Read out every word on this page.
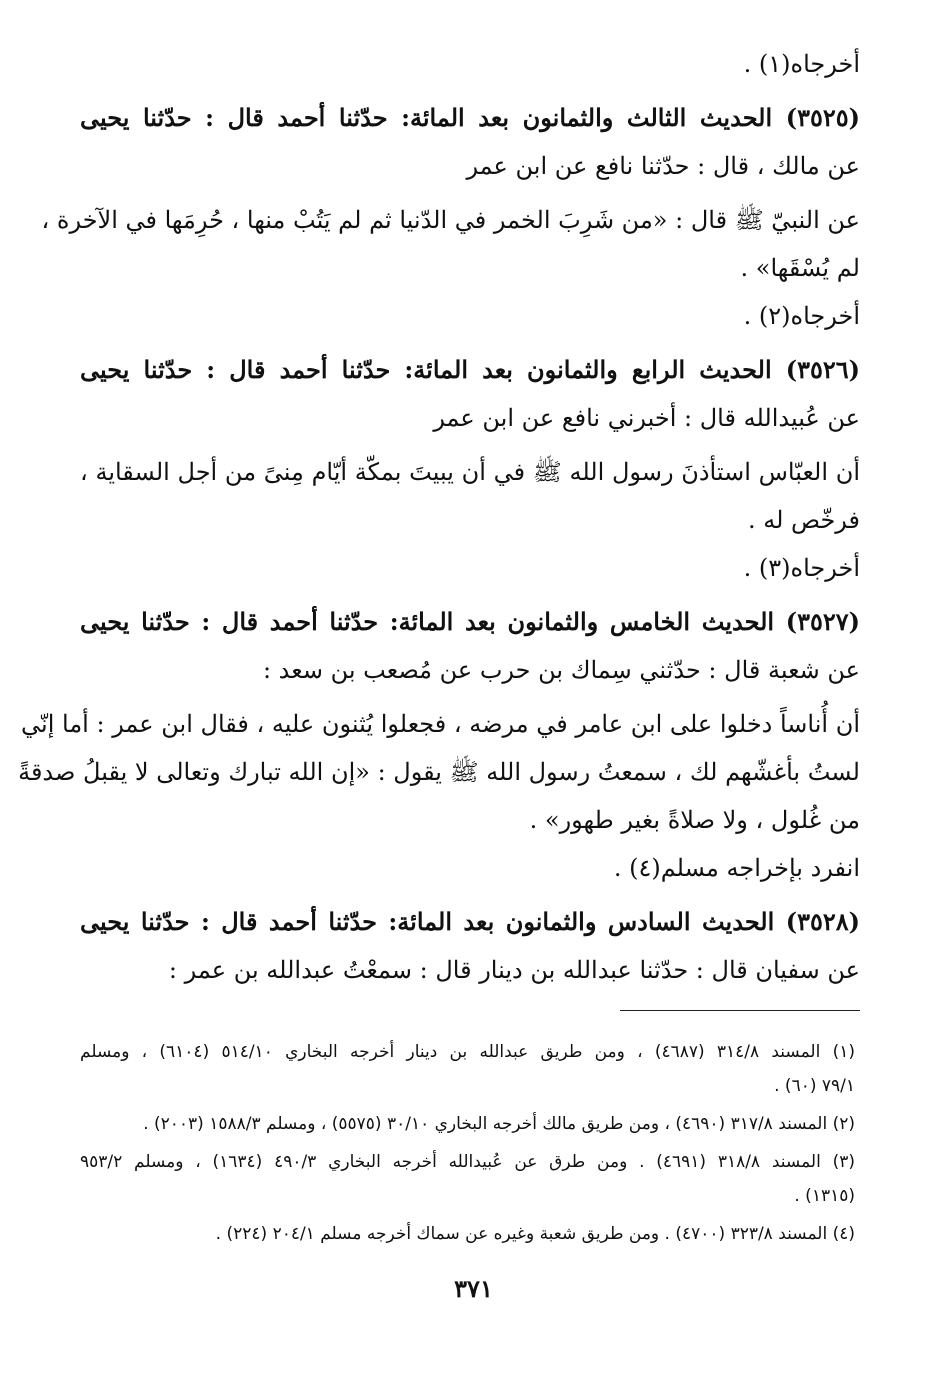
أخرجاه(١) .
(٣٥٢٥) الحديث الثالث والثمانون بعد المائة: حدّثنا أحمد قال : حدّثنا يحيى
عن مالك ، قال : حدّثنا نافع عن ابن عمر
عن النبيّ ﷺ قال : «من شَرِبَ الخمر في الدّنيا ثم لم يَتُبْ منها ، حُرِمَها في الآخرة ،
لم يُسْقَها» .
أخرجاه(٢) .
(٣٥٢٦) الحديث الرابع والثمانون بعد المائة: حدّثنا أحمد قال : حدّثنا يحيى
عن عُبيدالله قال : أخبرني نافع عن ابن عمر
أن العبّاس استأذنَ رسول الله ﷺ في أن يبيتَ بمكّة أيّام مِنىً من أجل السقاية ،
فرخّص له .
أخرجاه(٣) .
(٣٥٢٧) الحديث الخامس والثمانون بعد المائة: حدّثنا أحمد قال : حدّثنا يحيى
عن شعبة قال : حدّثني سِماك بن حرب عن مُصعب بن سعد :
أن أُناساً دخلوا على ابن عامر في مرضه ، فجعلوا يُثنون عليه ، فقال ابن عمر : أما إنّي
لستُ بأغشّهم لك ، سمعتُ رسول الله ﷺ يقول : «إن الله تبارك وتعالى لا يقبلُ صدقةً
من غُلول ، ولا صلاةً بغير طهور» .
انفرد بإخراجه مسلم(٤) .
(٣٥٢٨) الحديث السادس والثمانون بعد المائة: حدّثنا أحمد قال : حدّثنا يحيى
عن سفيان قال : حدّثنا عبدالله بن دينار قال : سمعْتُ عبدالله بن عمر :
(١) المسند ٣١٤/٨ (٤٦٨٧) ، ومن طريق عبدالله بن دينار أخرجه البخاري ٥١٤/١٠ (٦١٠٤) ، ومسلم
٧٩/١ (٦٠) .
(٢) المسند ٣١٧/٨ (٤٦٩٠) ، ومن طريق مالك أخرجه البخاري ٣٠/١٠ (٥٥٧٥) ، ومسلم ١٥٨٨/٣ (٢٠٠٣) .
(٣) المسند ٣١٨/٨ (٤٦٩١) . ومن طرق عن عُبيدالله أخرجه البخاري ٤٩٠/٣ (١٦٣٤) ، ومسلم ٩٥٣/٢
(١٣١٥) .
(٤) المسند ٣٢٣/٨ (٤٧٠٠) . ومن طريق شعبة وغيره عن سماك أخرجه مسلم ٢٠٤/١ (٢٢٤) .
٣٧١
